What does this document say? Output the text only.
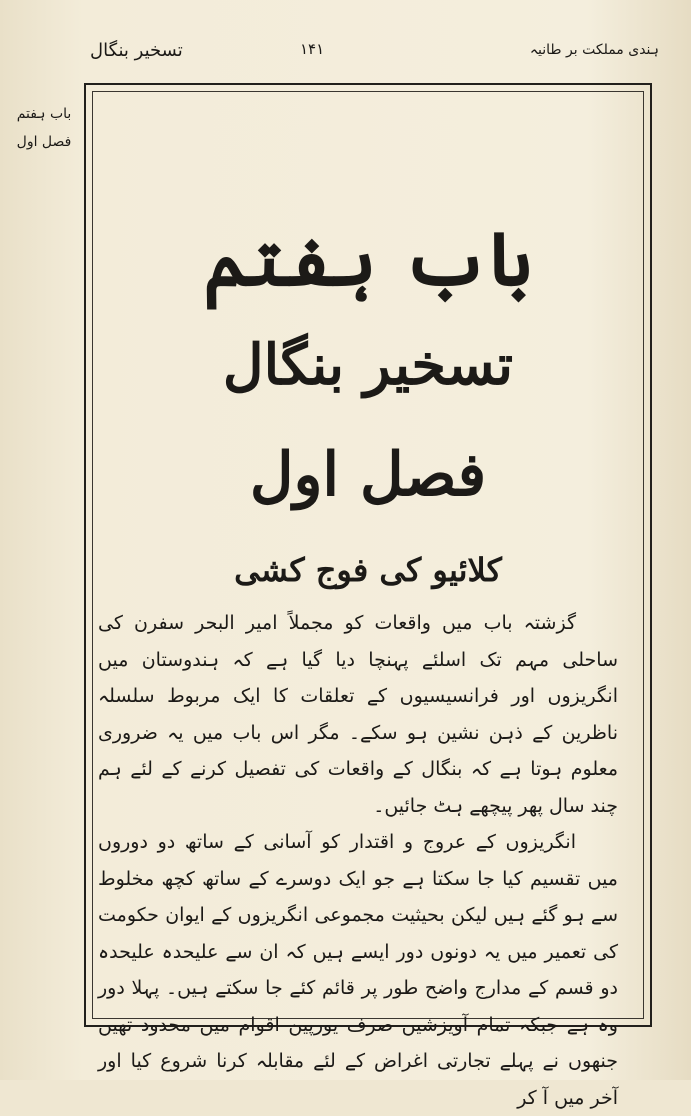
تسخیر بنگال	۱۴۱	ہندی مملکت بر طانیہ
باب ہفتم
فصل اول
باب ہفتم
تسخیر بنگال
فصل اول
کلائیو کی فوج کشی

گزشتہ باب میں واقعات کو مجملاً امیر البحر سفرن کی ساحلی مہم تک اسلئے پہنچا دیا گیا ہے کہ ہندوستان میں انگریزوں اور فرانسیسیوں کے تعلقات کا ایک مربوط سلسلہ ناظرین کے ذہن نشین ہو سکے۔ مگر اس باب میں یہ ضروری معلوم ہوتا ہے کہ بنگال کے واقعات کی تفصیل کرنے کے لئے ہم چند سال پھر پیچھے ہٹ جائیں۔

انگریزوں کے عروج و اقتدار کو آسانی کے ساتھ دو دوروں میں تقسیم کیا جا سکتا ہے جو ایک دوسرے کے ساتھ کچھ مخلوط سے ہو گئے ہیں لیکن بحیثیت مجموعی انگریزوں کے ایوان حکومت کی تعمیر میں یہ دونوں دور ایسے ہیں کہ ان سے علیحدہ علیحدہ دو قسم کے مدارج واضح طور پر قائم کئے جا سکتے ہیں۔ پہلا دور وہ ہے جبکہ تمام آویزشیں صرف یورپین اقوام میں محدود تھیں جنھوں نے پہلے تجارتی اغراض کے لئے مقابلہ کرنا شروع کیا اور آخر میں آ کر
